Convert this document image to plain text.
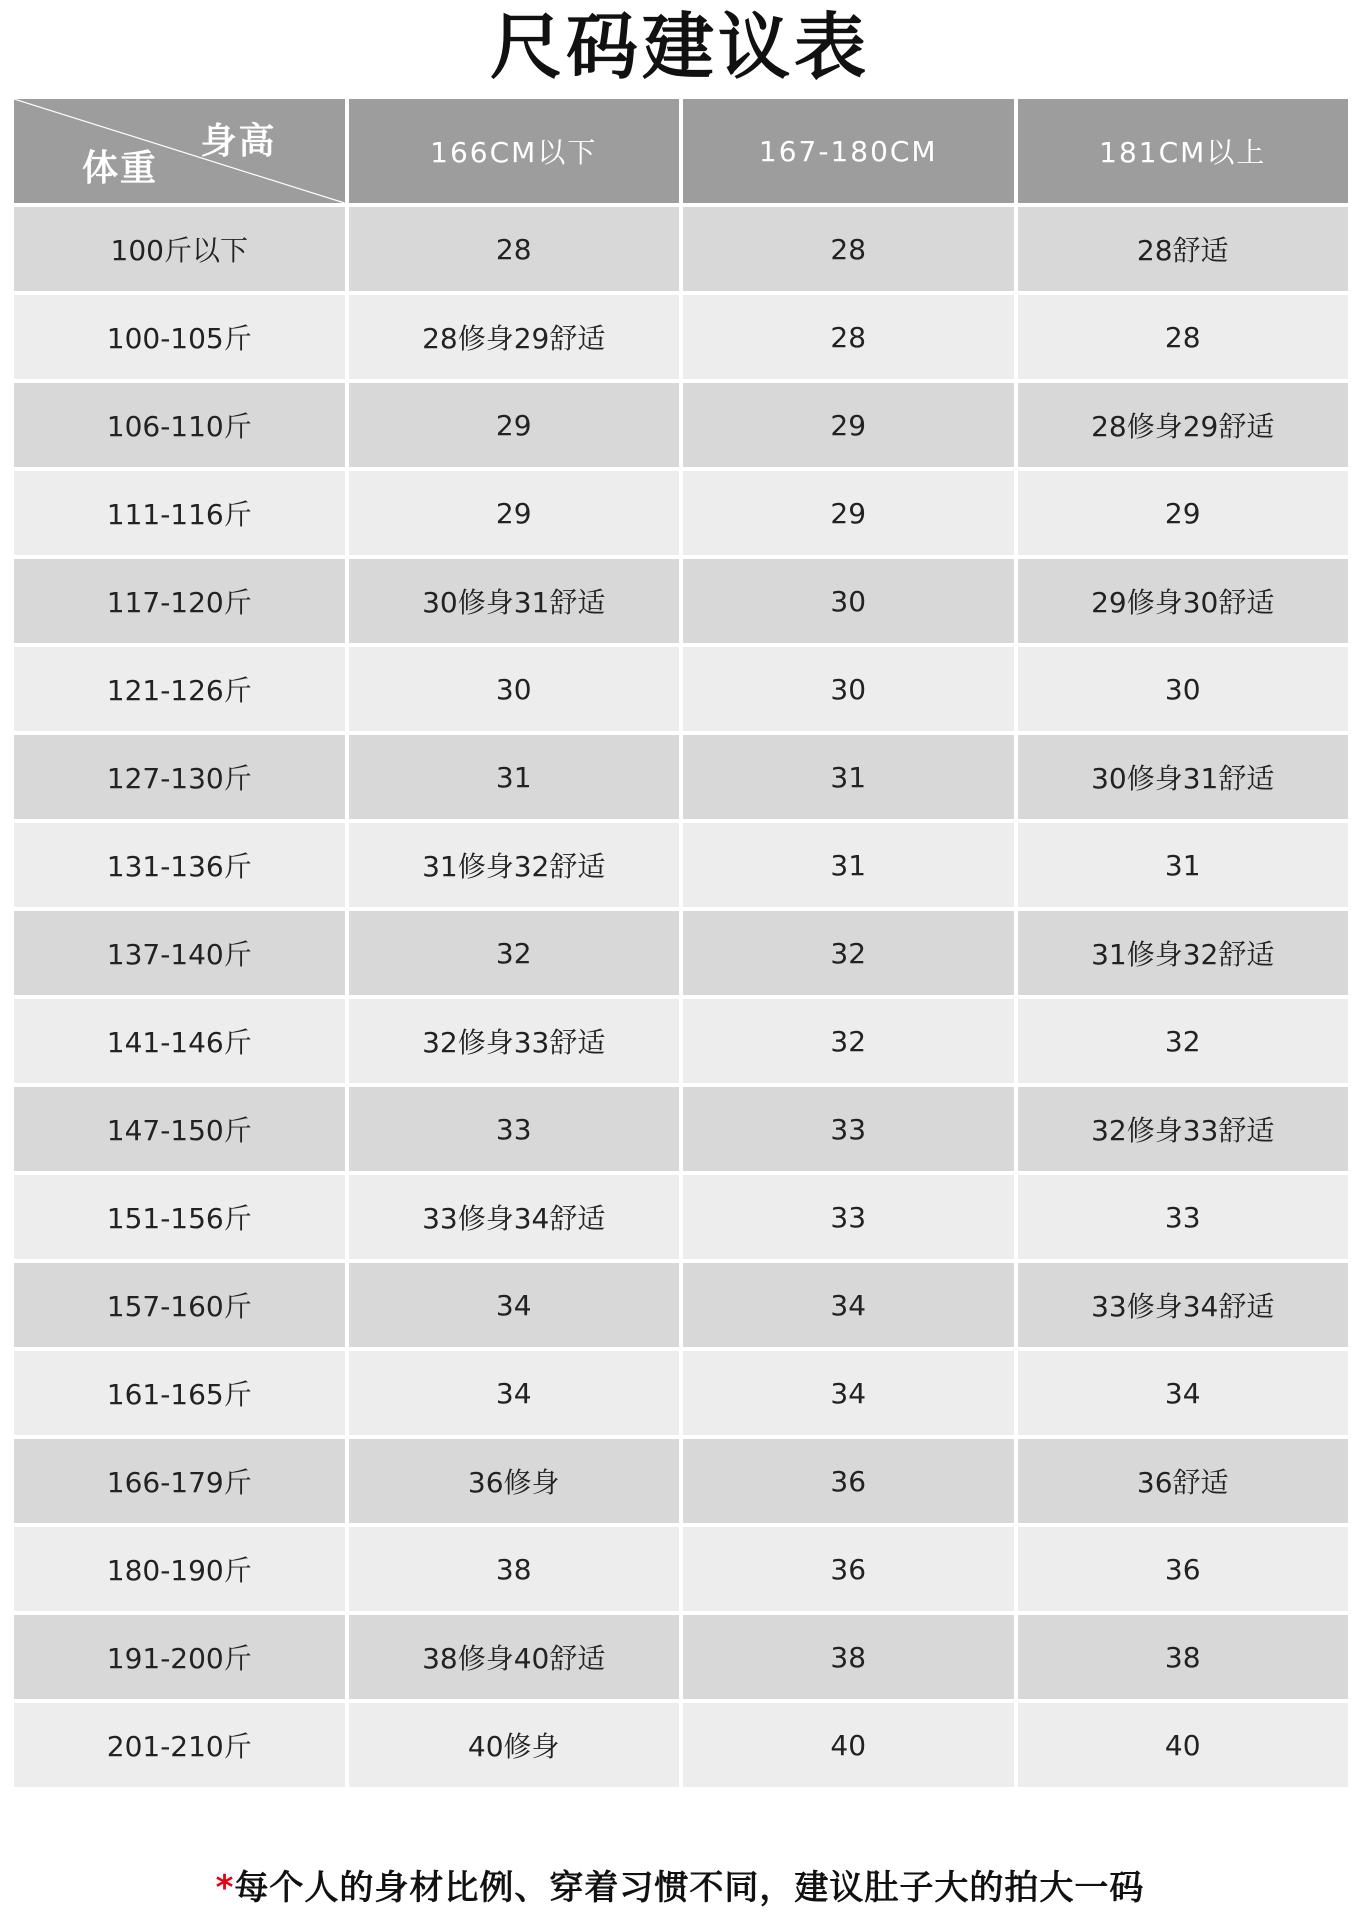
尺码建议表
身高
体重	166CM以下	167-180CM	181CM以上
100斤以下	28	28	28舒适
100-105斤	28修身29舒适	28	28
106-110斤	29	29	28修身29舒适
111-116斤	29	29	29
117-120斤	30修身31舒适	30	29修身30舒适
121-126斤	30	30	30
127-130斤	31	31	30修身31舒适
131-136斤	31修身32舒适	31	31
137-140斤	32	32	31修身32舒适
141-146斤	32修身33舒适	32	32
147-150斤	33	33	32修身33舒适
151-156斤	33修身34舒适	33	33
157-160斤	34	34	33修身34舒适
161-165斤	34	34	34
166-179斤	36修身	36	36舒适
180-190斤	38	36	36
191-200斤	38修身40舒适	38	38
201-210斤	40修身	40	40
*每个人的身材比例、穿着习惯不同，建议肚子大的拍大一码
